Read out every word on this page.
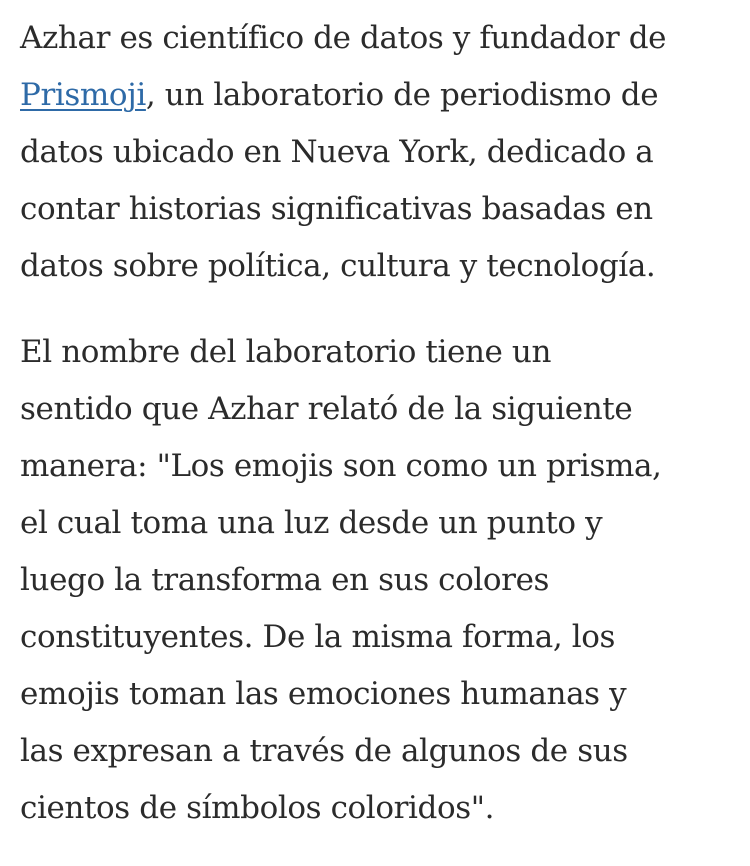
Azhar es científico de datos y fundador de
Prismoji, un laboratorio de periodismo de
datos ubicado en Nueva York, dedicado a
contar historias significativas basadas en
datos sobre política, cultura y tecnología.

El nombre del laboratorio tiene un
sentido que Azhar relató de la siguiente
manera: "Los emojis son como un prisma,
el cual toma una luz desde un punto y
luego la transforma en sus colores
constituyentes. De la misma forma, los
emojis toman las emociones humanas y
las expresan a través de algunos de sus
cientos de símbolos coloridos".
